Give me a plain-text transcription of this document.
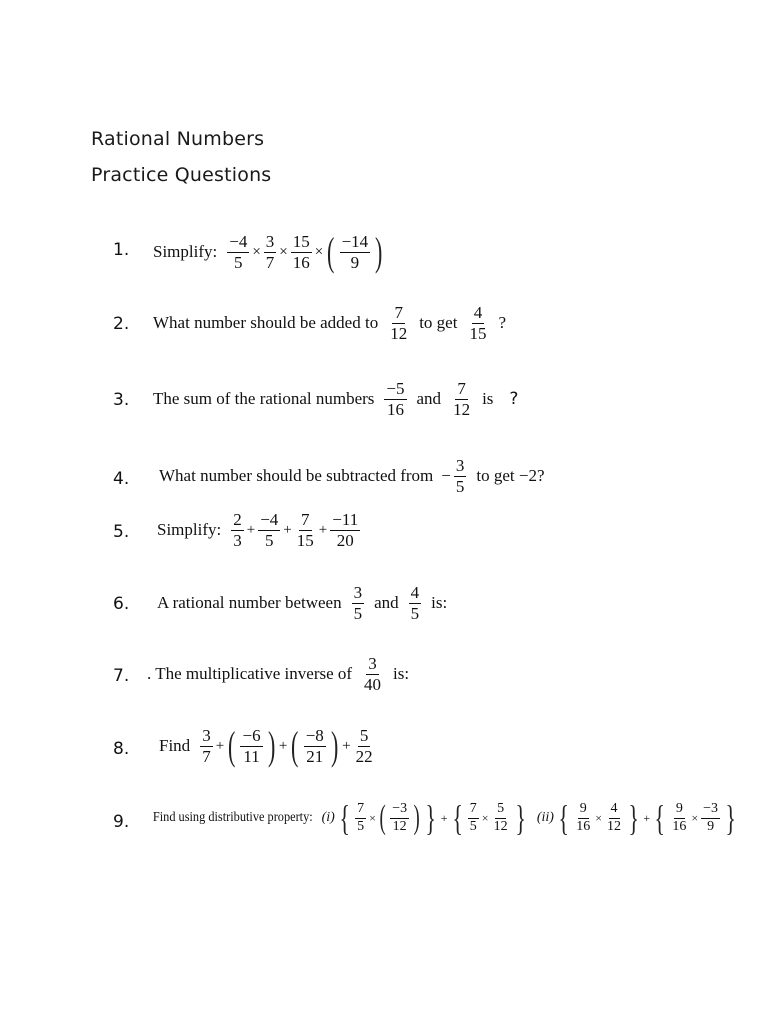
Rational Numbers
Practice Questions
1. Simplify: $\frac{-4}{5} \times \frac{3}{7} \times \frac{15}{16}$ × ( $\frac{-14}{9}$ )
2. What number should be added to $\frac{7}{12}$ to get $\frac{4}{15}$ ?
3. The sum of the rational numbers $\frac{-5}{16}$ and $\frac{7}{12}$ is ?
4. What number should be subtracted from − $\frac{3}{5}$ to get −2?
5. Simplify: $\frac{2}{3} + \frac{-4}{5} + \frac{7}{15} + \frac{-11}{20}$
6. A rational number between $\frac{3}{5}$ and $\frac{4}{5}$ is:
7. . The multiplicative inverse of $\frac{3}{40}$ is:
8. Find $\frac{3}{7}$ + ( $\frac{-6}{11}$ ) + ( $\frac{-8}{21}$ ) + $\frac{5}{22}$
9. Find using distributive property: (i) { $\frac{7}{5}$ × ( $\frac{-3}{12}$ ) } + { $\frac{7}{5} \times \frac{5}{12}$ } (ii) { $\frac{9}{16} \times \frac{4}{12}$ } + { $\frac{9}{16} \times \frac{-3}{9}$ }
